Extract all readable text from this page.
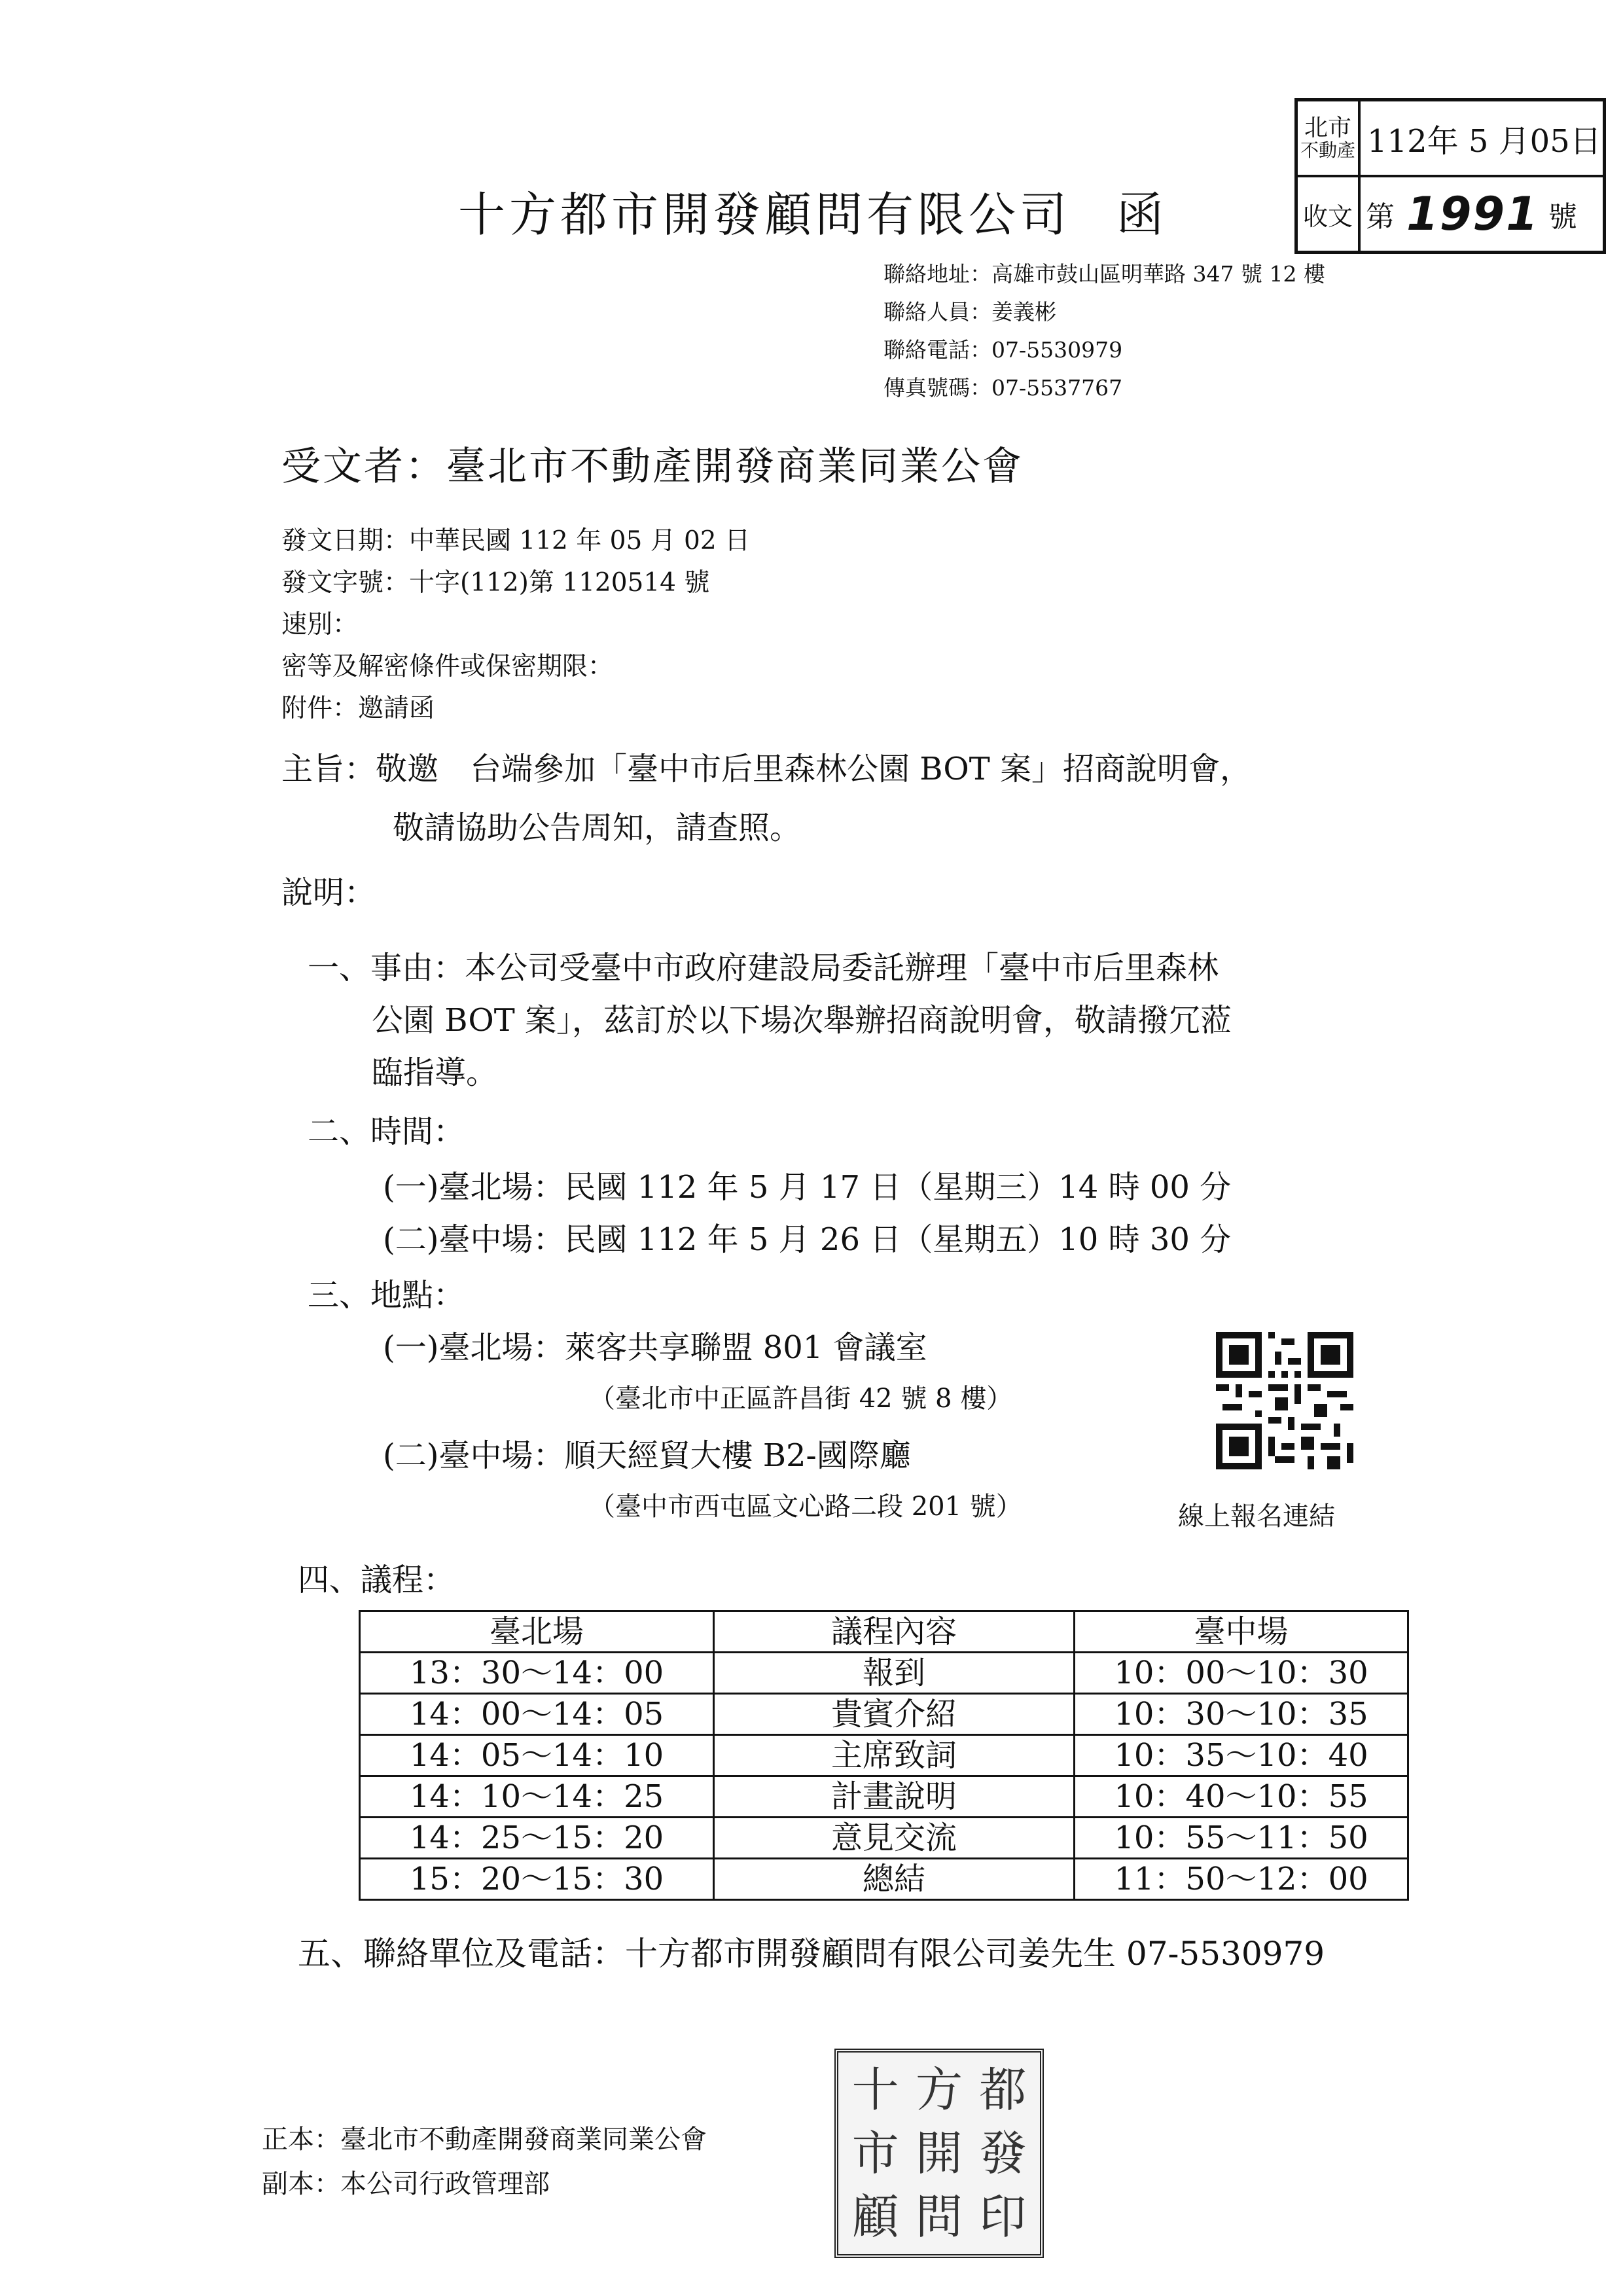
北市
不動產 112年 5 月05日
收文 第 1991 號
十方都市開發顧問有限公司 函
聯絡地址：高雄市鼓山區明華路 347 號 12 樓
聯絡人員：姜義彬
聯絡電話：07-5530979
傳真號碼：07-5537767
受文者：臺北市不動產開發商業同業公會
發文日期：中華民國 112 年 05 月 02 日
發文字號：十字(112)第 1120514 號
速別：
密等及解密條件或保密期限：
附件：邀請函
主旨：敬邀　台端參加「臺中市后里森林公園 BOT 案」招商說明會，
敬請協助公告周知，請查照。
說明：
一、事由：本公司受臺中市政府建設局委託辦理「臺中市后里森林
公園 BOT 案」，茲訂於以下場次舉辦招商說明會，敬請撥冗蒞
臨指導。
二、時間：
(一)臺北場：民國 112 年 5 月 17 日（星期三）14 時 00 分
(二)臺中場：民國 112 年 5 月 26 日（星期五）10 時 30 分
三、地點：
(一)臺北場：萊客共享聯盟 801 會議室
（臺北市中正區許昌街 42 號 8 樓）
(二)臺中場：順天經貿大樓 B2-國際廳
（臺中市西屯區文心路二段 201 號）	線上報名連結
四、議程：
臺北場	議程內容	臺中場
13：30～14：00	報到	10：00～10：30
14：00～14：05	貴賓介紹	10：30～10：35
14：05～14：10	主席致詞	10：35～10：40
14：10～14：25	計畫說明	10：40～10：55
14：25～15：20	意見交流	10：55～11：50
15：20～15：30	總結	11：50～12：00
五、聯絡單位及電話：十方都市開發顧問有限公司姜先生 07-5530979
十 方 都
市 開 發
顧 問 印
正本：臺北市不動產開發商業同業公會
副本：本公司行政管理部
